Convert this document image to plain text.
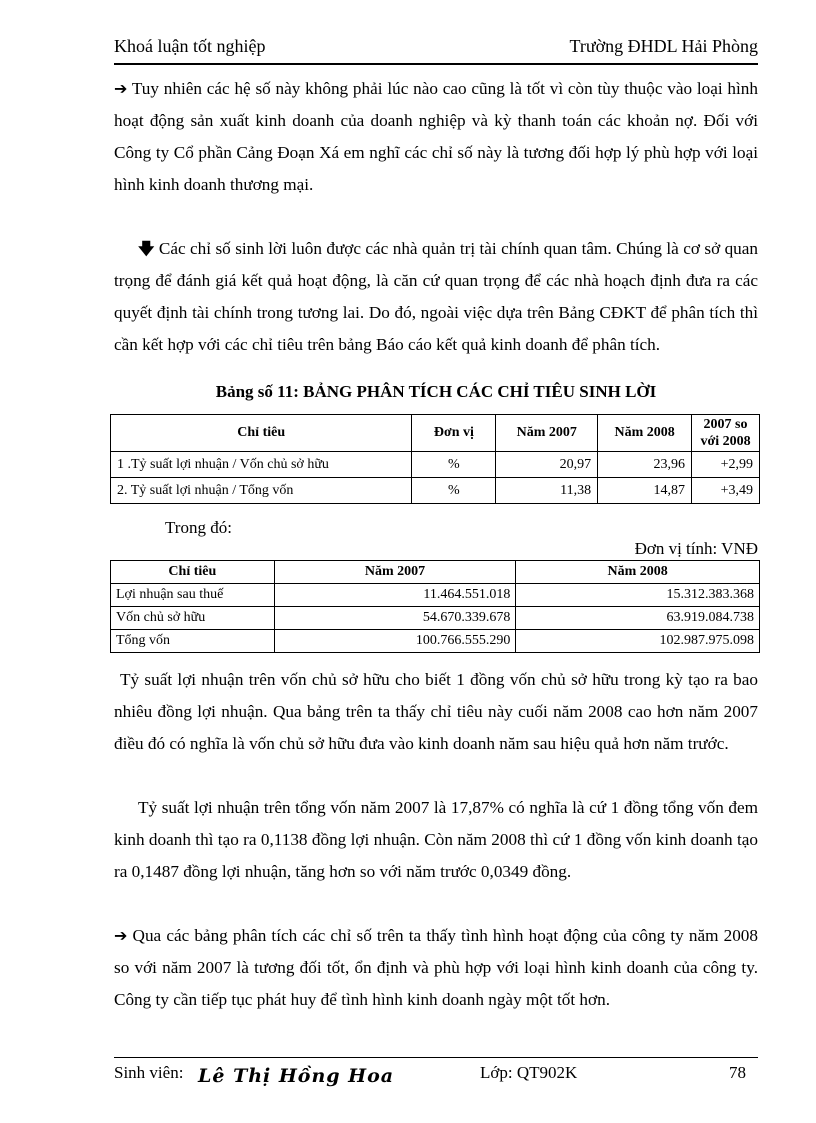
Khoá luận tốt nghiệp	Trường ĐHDL Hải Phòng
➔ Tuy nhiên các hệ số này không phải lúc nào cao cũng là tốt vì còn tùy thuộc vào loại hình hoạt động sản xuất kinh doanh của doanh nghiệp và kỳ thanh toán các khoản nợ. Đối với Công ty Cổ phần Cảng Đoạn Xá em nghĩ các chỉ số này là tương đối hợp lý phù hợp với loại hình kinh doanh thương mại.
🡇 Các chỉ số sinh lời luôn được các nhà quản trị tài chính quan tâm. Chúng là cơ sở quan trọng để đánh giá kết quả hoạt động, là căn cứ quan trọng để các nhà hoạch định đưa ra các quyết định tài chính trong tương lai. Do đó, ngoài việc dựa trên Bảng CĐKT để phân tích thì cần kết hợp với các chỉ tiêu trên bảng Báo cáo kết quả kinh doanh để phân tích.
Bảng số 11: BẢNG PHÂN TÍCH CÁC CHỈ TIÊU SINH LỜI
Chỉ tiêu	Đơn vị	Năm 2007	Năm 2008	2007 so với 2008
1 .Tỷ suất lợi nhuận / Vốn chủ sở hữu	%	20,97	23,96	+2,99
2. Tỷ suất lợi nhuận / Tổng vốn	%	11,38	14,87	+3,49
Trong đó:
Đơn vị tính: VNĐ
Chỉ tiêu	Năm 2007	Năm 2008
Lợi nhuận sau thuế	11.464.551.018	15.312.383.368
Vốn chủ sở hữu	54.670.339.678	63.919.084.738
Tổng vốn	100.766.555.290	102.987.975.098
Tỷ suất lợi nhuận trên vốn chủ sở hữu cho biết 1 đồng vốn chủ sở hữu trong kỳ tạo ra bao nhiêu đồng lợi nhuận. Qua bảng trên ta thấy chỉ tiêu này cuối năm 2008 cao hơn năm 2007 điều đó có nghĩa là vốn chủ sở hữu đưa vào kinh doanh năm sau hiệu quả hơn năm trước.
Tỷ suất lợi nhuận trên tổng vốn năm 2007 là 17,87% có nghĩa là cứ 1 đồng tổng vốn đem kinh doanh thì tạo ra 0,1138 đồng lợi nhuận. Còn năm 2008 thì cứ 1 đồng vốn kinh doanh tạo ra 0,1487 đồng lợi nhuận, tăng hơn so với năm trước 0,0349 đồng.
➔ Qua các bảng phân tích các chỉ số trên ta thấy tình hình hoạt động của công ty năm 2008 so với năm 2007 là tương đối tốt, ổn định và phù hợp với loại hình kinh doanh của công ty. Công ty cần tiếp tục phát huy để tình hình kinh doanh ngày một tốt hơn.
Sinh viên: Lê Thị Hồng Hoa	Lớp: QT902K	78
